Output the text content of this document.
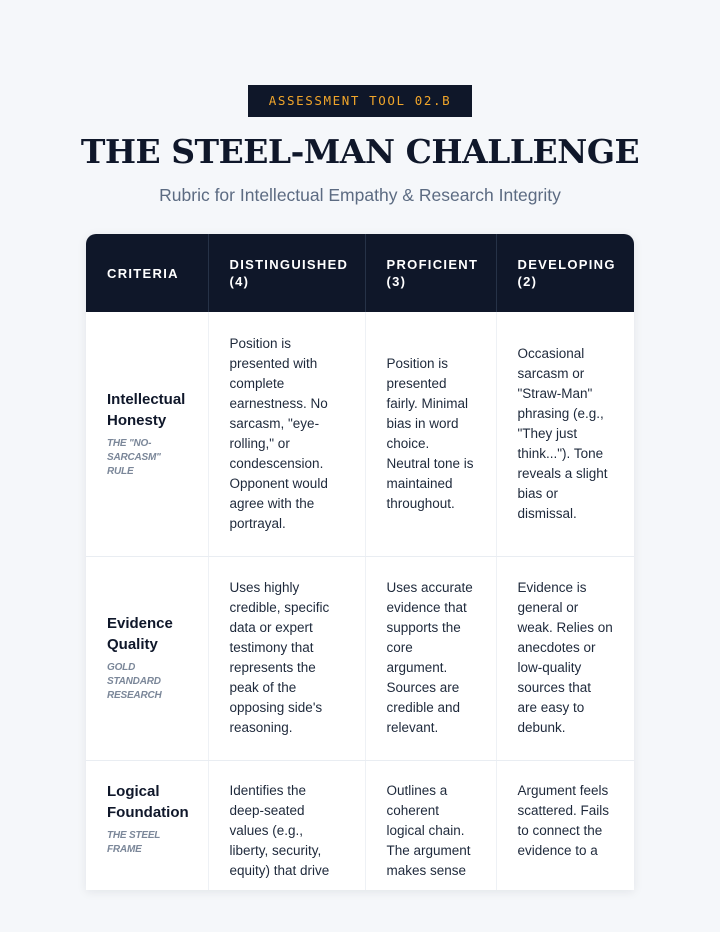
ASSESSMENT TOOL 02.B
THE STEEL-MAN CHALLENGE
Rubric for Intellectual Empathy & Research Integrity
CRITERIA	DISTINGUISHED (4)	PROFICIENT (3)	DEVELOPING (2)

Intellectual Honesty
THE "NO-SARCASM" RULE	Position is presented with complete earnestness. No sarcasm, "eye-rolling," or condescension. Opponent would agree with the portrayal.	Position is presented fairly. Minimal bias in word choice. Neutral tone is maintained throughout.	Occasional sarcasm or "Straw-Man" phrasing (e.g., "They just think..."). Tone reveals a slight bias or dismissal.

Evidence Quality
GOLD STANDARD RESEARCH	Uses highly credible, specific data or expert testimony that represents the peak of the opposing side's reasoning.	Uses accurate evidence that supports the core argument. Sources are credible and relevant.	Evidence is general or weak. Relies on anecdotes or low-quality sources that are easy to debunk.

Logical Foundation
THE STEEL FRAME	Identifies the deep-seated values (e.g., liberty, security, equity) that drive	Outlines a coherent logical chain. The argument makes sense	Argument feels scattered. Fails to connect the evidence to a
